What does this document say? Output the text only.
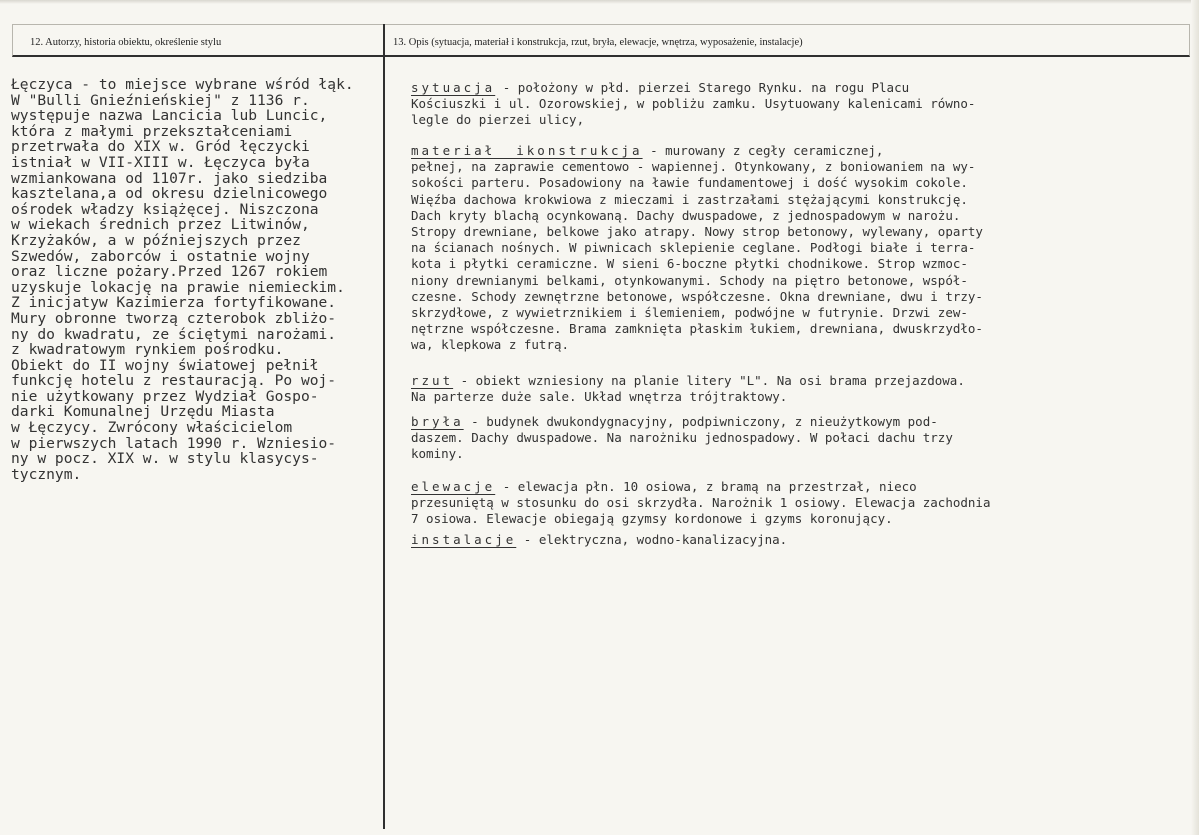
12. Autorzy, historia obiektu, określenie stylu	13. Opis (sytuacja, materiał i konstrukcja, rzut, bryła, elewacje, wnętrza, wyposażenie, instalacje)
Łęczyca - to miejsce wybrane wśród łąk.
W "Bulli Gnieźnieńskiej" z 1136 r.
występuje nazwa Lancicia lub Luncic,
która z małymi przekształceniami
przetrwała do XIX w. Gród łęczycki
istniał w VII-XIII w. Łęczyca była
wzmiankowana od 1107r. jako siedziba
kasztelana,a od okresu dzielnicowego
ośrodek władzy książęcej. Niszczona
w wiekach średnich przez Litwinów,
Krzyżaków, a w późniejszych przez
Szwedów, zaborców i ostatnie wojny
oraz liczne pożary.Przed 1267 rokiem
uzyskuje lokację na prawie niemieckim.
Z inicjatyw Kazimierza fortyfikowane.
Mury obronne tworzą czterobok zbliżo-
ny do kwadratu, ze ściętymi narożami.
z kwadratowym rynkiem pośrodku.
Obiekt do II wojny światowej pełnił
funkcję hotelu z restauracją. Po woj-
nie użytkowany przez Wydział Gospo-
darki Komunalnej Urzędu Miasta
w Łęczycy. Zwrócony właścicielom
w pierwszych latach 1990 r. Wzniesio-
ny w pocz. XIX w. w stylu klasycys-
tycznym.
sytuacja - położony w płd. pierzei Starego Rynku. na rogu Placu
Kościuszki i ul. Ozorowskiej, w pobliżu zamku. Usytuowany kalenicami równo-
legle do pierzei ulicy,
materiał  ikonstrukcja - murowany z cegły ceramicznej,
pełnej, na zaprawie cementowo - wapiennej. Otynkowany, z boniowaniem na wy-
sokości parteru. Posadowiony na ławie fundamentowej i dość wysokim cokole.
Więźba dachowa krokwiowa z mieczami i zastrzałami stężającymi konstrukcję.
Dach kryty blachą ocynkowaną. Dachy dwuspadowe, z jednospadowym w narożu.
Stropy drewniane, belkowe jako atrapy. Nowy strop betonowy, wylewany, oparty
na ścianach nośnych. W piwnicach sklepienie ceglane. Podłogi białe i terra-
kota i płytki ceramiczne. W sieni 6-boczne płytki chodnikowe. Strop wzmoc-
niony drewnianymi belkami, otynkowanymi. Schody na piętro betonowe, współ-
czesne. Schody zewnętrzne betonowe, współczesne. Okna drewniane, dwu i trzy-
skrzydłowe, z wywietrznikiem i ślemieniem, podwójne w futrynie. Drzwi zew-
nętrzne współczesne. Brama zamknięta płaskim łukiem, drewniana, dwuskrzydło-
wa, klepkowa z futrą.
rzut - obiekt wzniesiony na planie litery "L". Na osi brama przejazdowa.
Na parterze duże sale. Układ wnętrza trójtraktowy.
bryła - budynek dwukondygnacyjny, podpiwniczony, z nieużytkowym pod-
daszem. Dachy dwuspadowe. Na narożniku jednospadowy. W połaci dachu trzy
kominy.
elewacje - elewacja płn. 10 osiowa, z bramą na przestrzał, nieco
przesuniętą w stosunku do osi skrzydła. Narożnik 1 osiowy. Elewacja zachodnia
7 osiowa. Elewacje obiegają gzymsy kordonowe i gzyms koronujący.
instalacje - elektryczna, wodno-kanalizacyjna.
